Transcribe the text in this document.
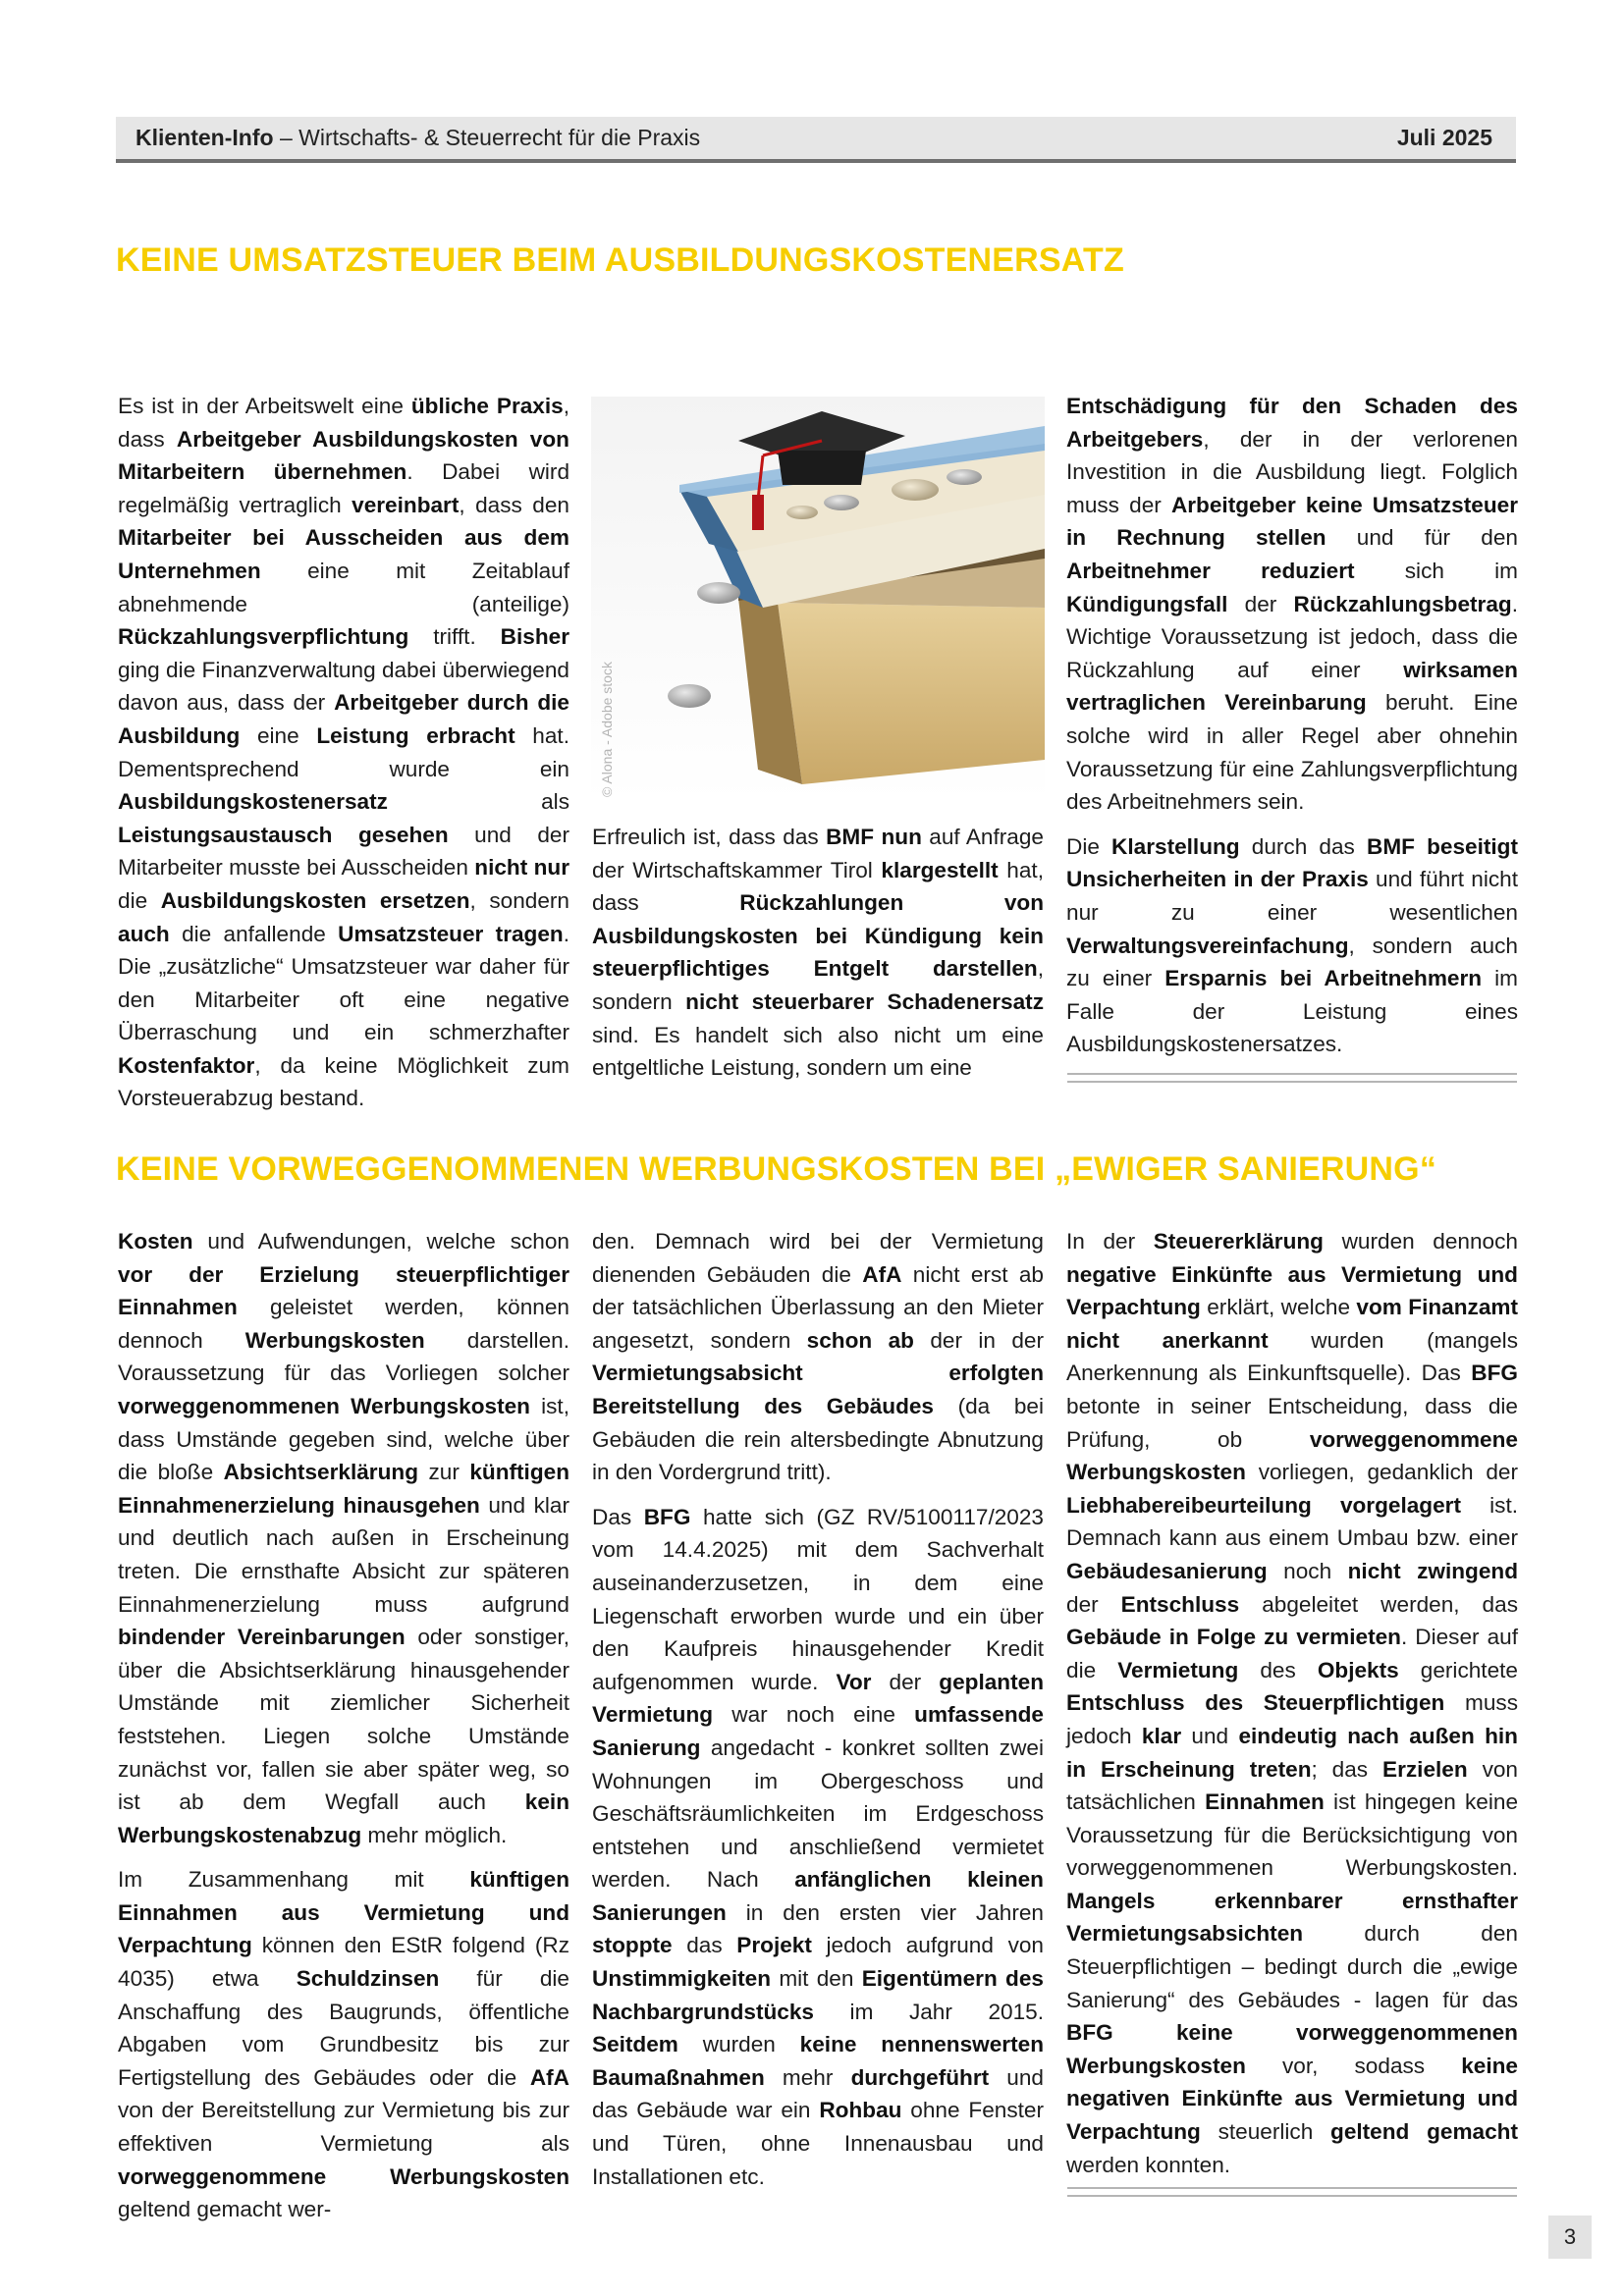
Klienten-Info – Wirtschafts- & Steuerrecht für die Praxis	Juli 2025
KEINE UMSATZSTEUER BEIM AUSBILDUNGSKOSTENERSATZ

Es ist in der Arbeitswelt eine übliche Praxis, dass Arbeitgeber Ausbildungskosten von Mitarbeitern übernehmen. Dabei wird regelmäßig vertraglich vereinbart, dass den Mitarbeiter bei Ausscheiden aus dem Unternehmen eine mit Zeitablauf abnehmende (anteilige) Rückzahlungsverpflichtung trifft. Bisher ging die Finanzverwaltung dabei überwiegend davon aus, dass der Arbeitgeber durch die Ausbildung eine Leistung erbracht hat. Dementsprechend wurde ein Ausbildungskostenersatz als Leistungsaustausch gesehen und der Mitarbeiter musste bei Ausscheiden nicht nur die Ausbildungskosten ersetzen, sondern auch die anfallende Umsatzsteuer tragen. Die „zusätzliche“ Umsatzsteuer war daher für den Mitarbeiter oft eine negative Überraschung und ein schmerzhafter Kostenfaktor, da keine Möglichkeit zum Vorsteuerabzug bestand.

© Alona - Adobe stock

Erfreulich ist, dass das BMF nun auf Anfrage der Wirtschaftskammer Tirol klargestellt hat, dass Rückzahlungen von Ausbildungskosten bei Kündigung kein steuerpflichtiges Entgelt darstellen, sondern nicht steuerbarer Schadenersatz sind. Es handelt sich also nicht um eine entgeltliche Leistung, sondern um eine

Entschädigung für den Schaden des Arbeitgebers, der in der verlorenen Investition in die Ausbildung liegt. Folglich muss der Arbeitgeber keine Umsatzsteuer in Rechnung stellen und für den Arbeitnehmer reduziert sich im Kündigungsfall der Rückzahlungsbetrag. Wichtige Voraussetzung ist jedoch, dass die Rückzahlung auf einer wirksamen vertraglichen Vereinbarung beruht. Eine solche wird in aller Regel aber ohnehin Voraussetzung für eine Zahlungsverpflichtung des Arbeitnehmers sein.

Die Klarstellung durch das BMF beseitigt Unsicherheiten in der Praxis und führt nicht nur zu einer wesentlichen Verwaltungsvereinfachung, sondern auch zu einer Ersparnis bei Arbeitnehmern im Falle der Leistung eines Ausbildungskostenersatzes.

KEINE VORWEGGENOMMENEN WERBUNGSKOSTEN BEI „EWIGER SANIERUNG“

Kosten und Aufwendungen, welche schon vor der Erzielung steuerpflichtiger Einnahmen geleistet werden, können dennoch Werbungskosten darstellen. Voraussetzung für das Vorliegen solcher vorweggenommenen Werbungskosten ist, dass Umstände gegeben sind, welche über die bloße Absichtserklärung zur künftigen Einnahmenerzielung hinausgehen und klar und deutlich nach außen in Erscheinung treten. Die ernsthafte Absicht zur späteren Einnahmenerzielung muss aufgrund bindender Vereinbarungen oder sonstiger, über die Absichtserklärung hinausgehender Umstände mit ziemlicher Sicherheit feststehen. Liegen solche Umstände zunächst vor, fallen sie aber später weg, so ist ab dem Wegfall auch kein Werbungskostenabzug mehr möglich.

Im Zusammenhang mit künftigen Einnahmen aus Vermietung und Verpachtung können den EStR folgend (Rz 4035) etwa Schuldzinsen für die Anschaffung des Baugrunds, öffentliche Abgaben vom Grundbesitz bis zur Fertigstellung des Gebäudes oder die AfA von der Bereitstellung zur Vermietung bis zur effektiven Vermietung als vorweggenommene Werbungskosten geltend gemacht wer-

den. Demnach wird bei der Vermietung dienenden Gebäuden die AfA nicht erst ab der tatsächlichen Überlassung an den Mieter angesetzt, sondern schon ab der in der Vermietungsabsicht erfolgten Bereitstellung des Gebäudes (da bei Gebäuden die rein altersbedingte Abnutzung in den Vordergrund tritt).

Das BFG hatte sich (GZ RV/5100117/2023 vom 14.4.2025) mit dem Sachverhalt auseinanderzusetzen, in dem eine Liegenschaft erworben wurde und ein über den Kaufpreis hinausgehender Kredit aufgenommen wurde. Vor der geplanten Vermietung war noch eine umfassende Sanierung angedacht - konkret sollten zwei Wohnungen im Obergeschoss und Geschäftsräumlichkeiten im Erdgeschoss entstehen und anschließend vermietet werden. Nach anfänglichen kleinen Sanierungen in den ersten vier Jahren stoppte das Projekt jedoch aufgrund von Unstimmigkeiten mit den Eigentümern des Nachbargrundstücks im Jahr 2015. Seitdem wurden keine nennenswerten Baumaßnahmen mehr durchgeführt und das Gebäude war ein Rohbau ohne Fenster und Türen, ohne Innenausbau und Installationen etc.

In der Steuererklärung wurden dennoch negative Einkünfte aus Vermietung und Verpachtung erklärt, welche vom Finanzamt nicht anerkannt wurden (mangels Anerkennung als Einkunftsquelle). Das BFG betonte in seiner Entscheidung, dass die Prüfung, ob vorweggenommene Werbungskosten vorliegen, gedanklich der Liebhabereibeurteilung vorgelagert ist. Demnach kann aus einem Umbau bzw. einer Gebäudesanierung noch nicht zwingend der Entschluss abgeleitet werden, das Gebäude in Folge zu vermieten. Dieser auf die Vermietung des Objekts gerichtete Entschluss des Steuerpflichtigen muss jedoch klar und eindeutig nach außen hin in Erscheinung treten; das Erzielen von tatsächlichen Einnahmen ist hingegen keine Voraussetzung für die Berücksichtigung von vorweggenommenen Werbungskosten. Mangels erkennbarer ernsthafter Vermietungsabsichten durch den Steuerpflichtigen – bedingt durch die „ewige Sanierung“ des Gebäudes - lagen für das BFG keine vorweggenommenen Werbungskosten vor, sodass keine negativen Einkünfte aus Vermietung und Verpachtung steuerlich geltend gemacht werden konnten.

3
